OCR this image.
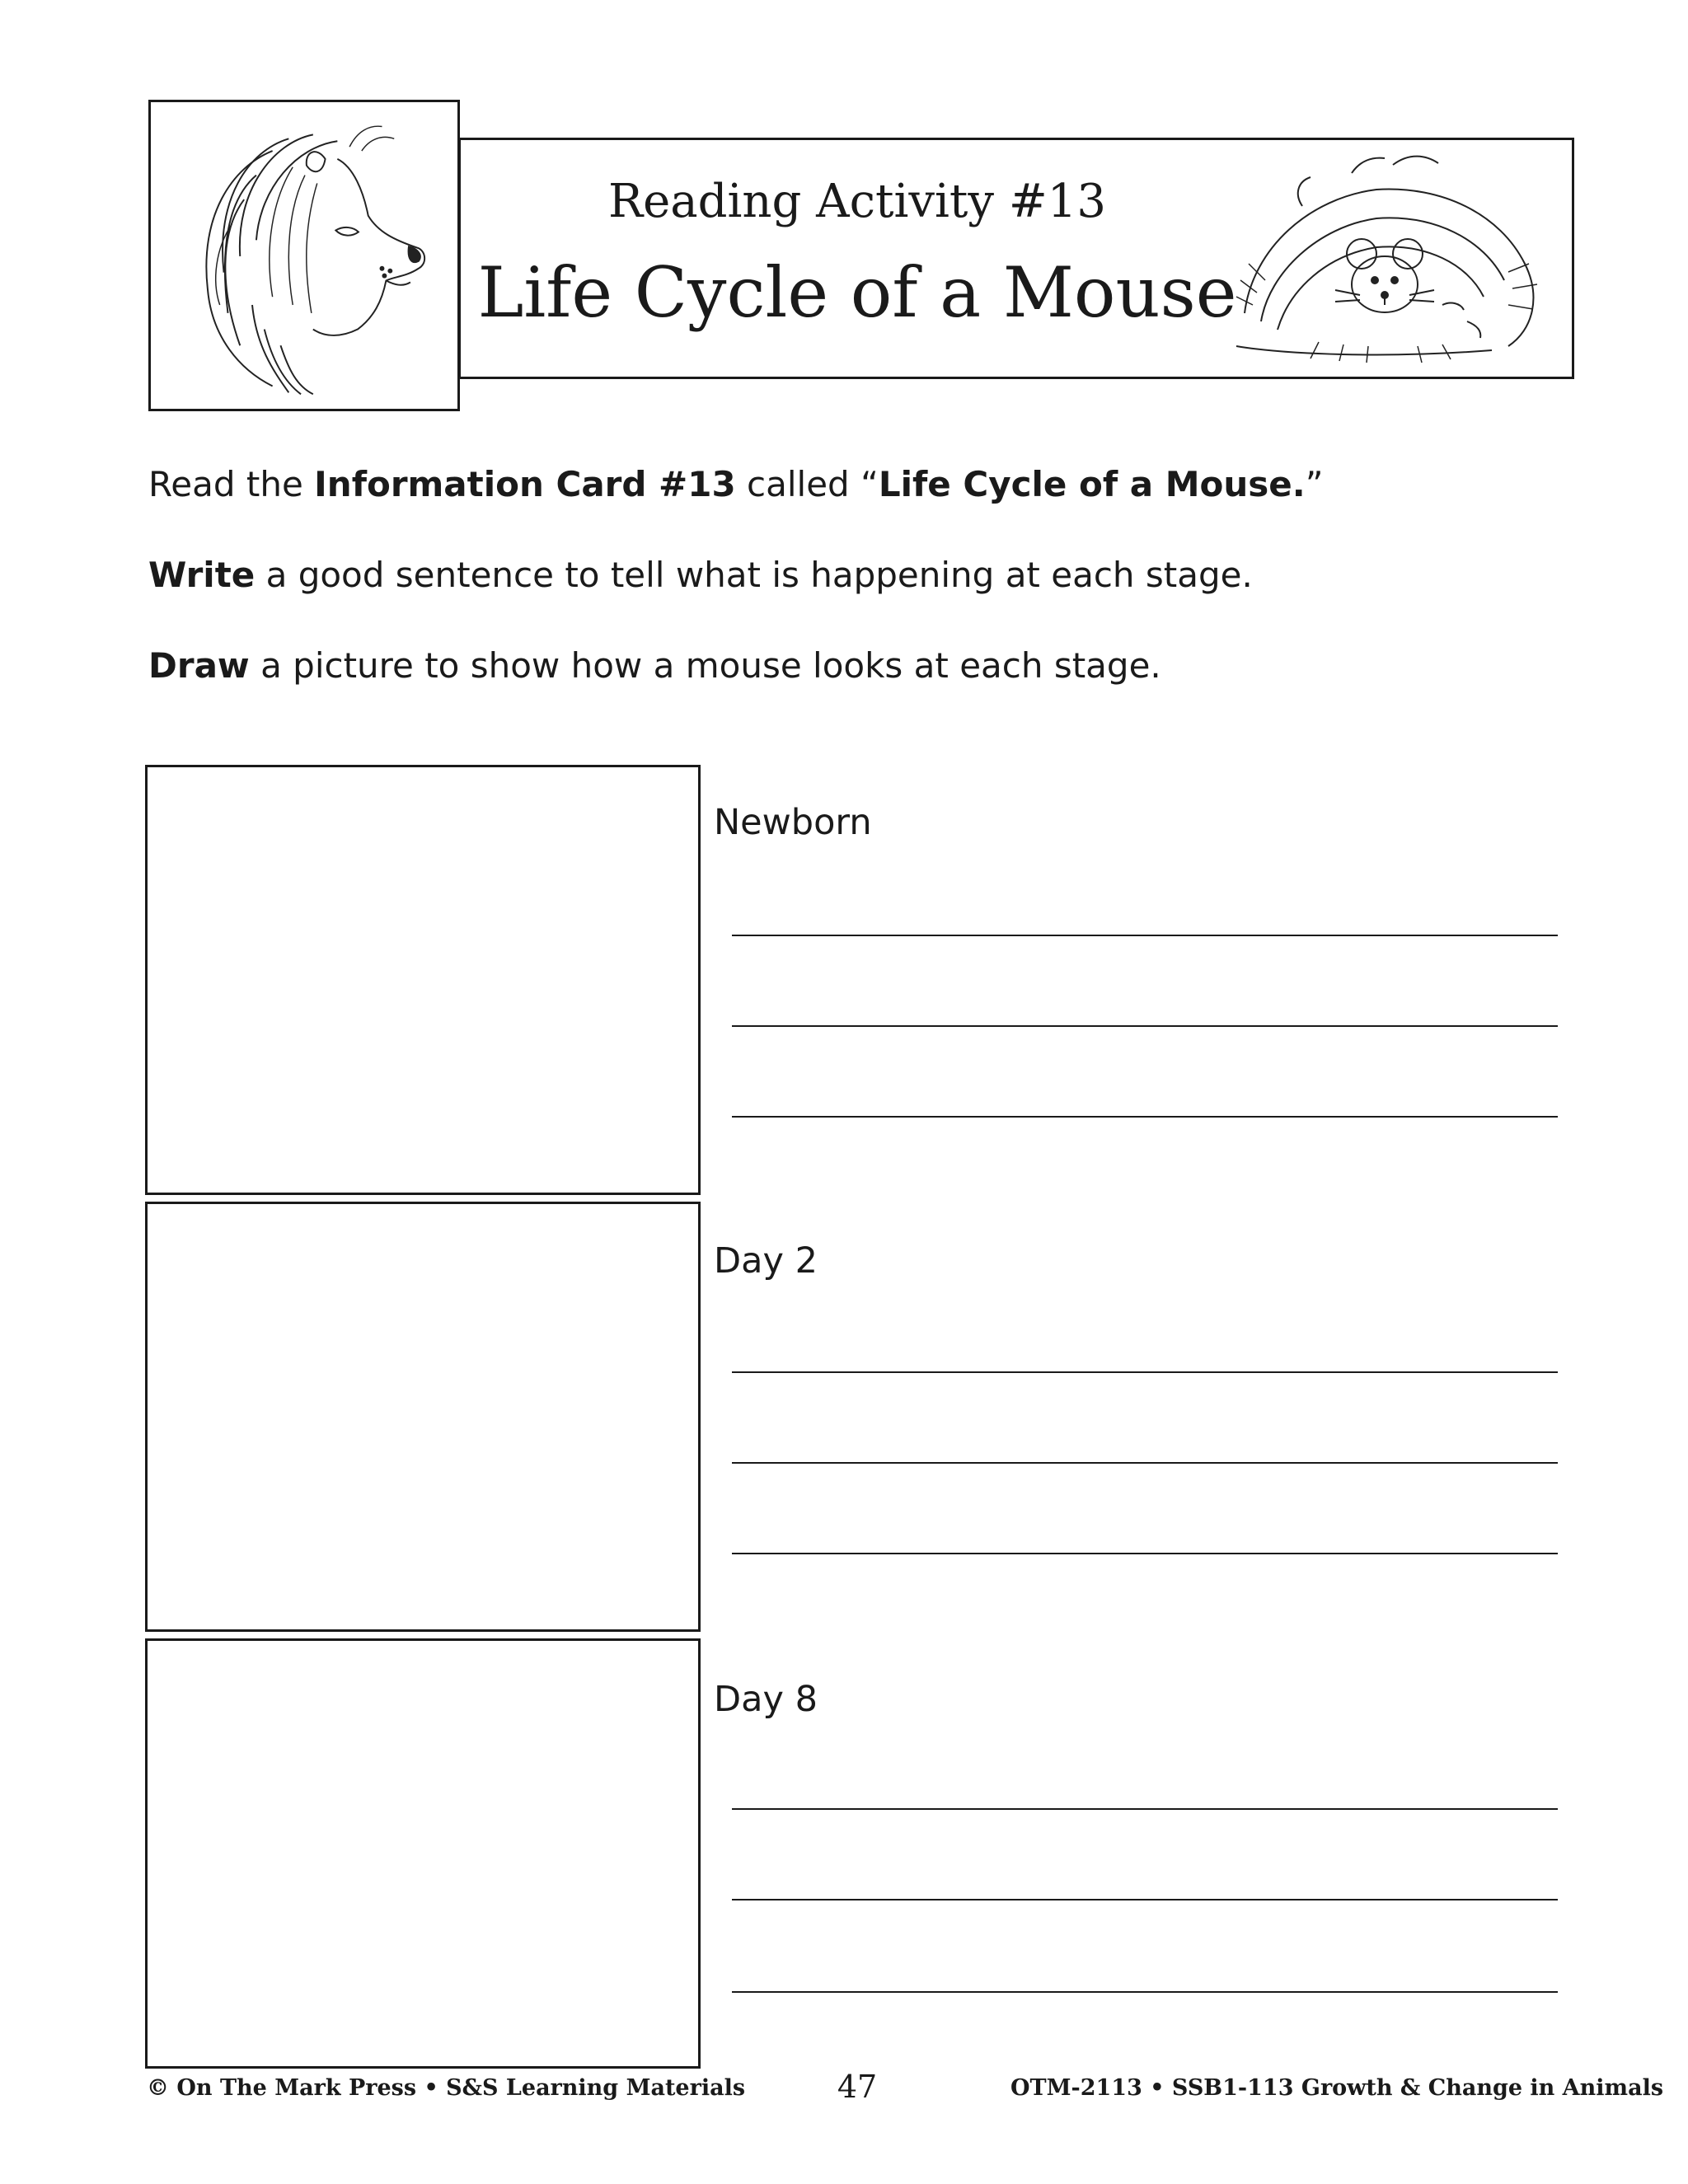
Reading Activity #13
Life Cycle of a Mouse
Read the Information Card #13 called “Life Cycle of a Mouse.”
Write a good sentence to tell what is happening at each stage.
Draw a picture to show how a mouse looks at each stage.
Newborn
Day 2
Day 8
© On The Mark Press • S&S Learning Materials	47	OTM-2113 • SSB1-113 Growth & Change in Animals
